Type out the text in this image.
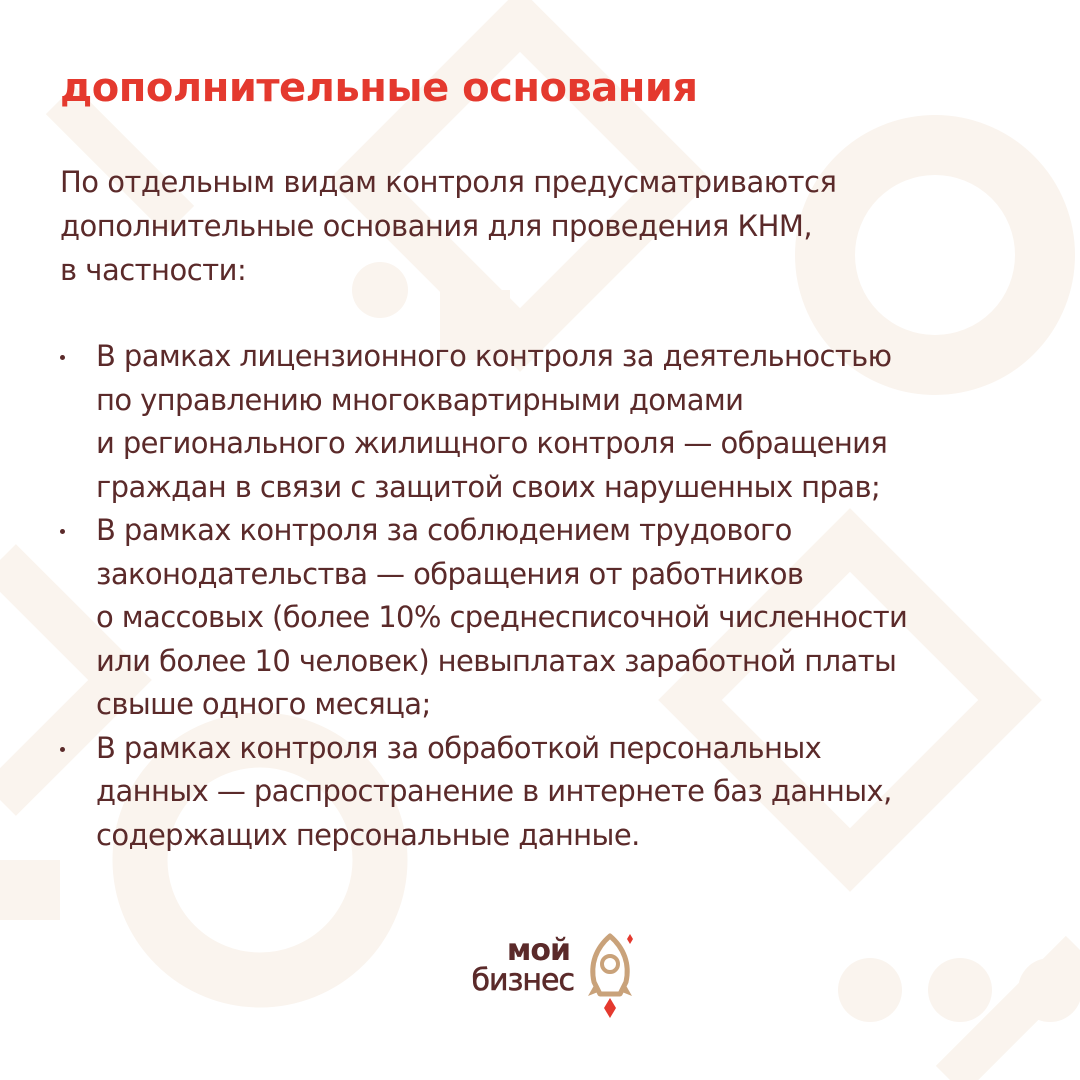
дополнительные основания

По отдельным видам контроля предусматриваются
дополнительные основания для проведения КНМ,
в частности:

В рамках лицензионного контроля за деятельностью
по управлению многоквартирными домами
и регионального жилищного контроля — обращения
граждан в связи с защитой своих нарушенных прав;
В рамках контроля за соблюдением трудового
законодательства — обращения от работников
о массовых (более 10% среднесписочной численности
или более 10 человек) невыплатах заработной платы
свыше одного месяца;
В рамках контроля за обработкой персональных
данных — распространение в интернете баз данных,
содержащих персональные данные.
мой
бизнес
